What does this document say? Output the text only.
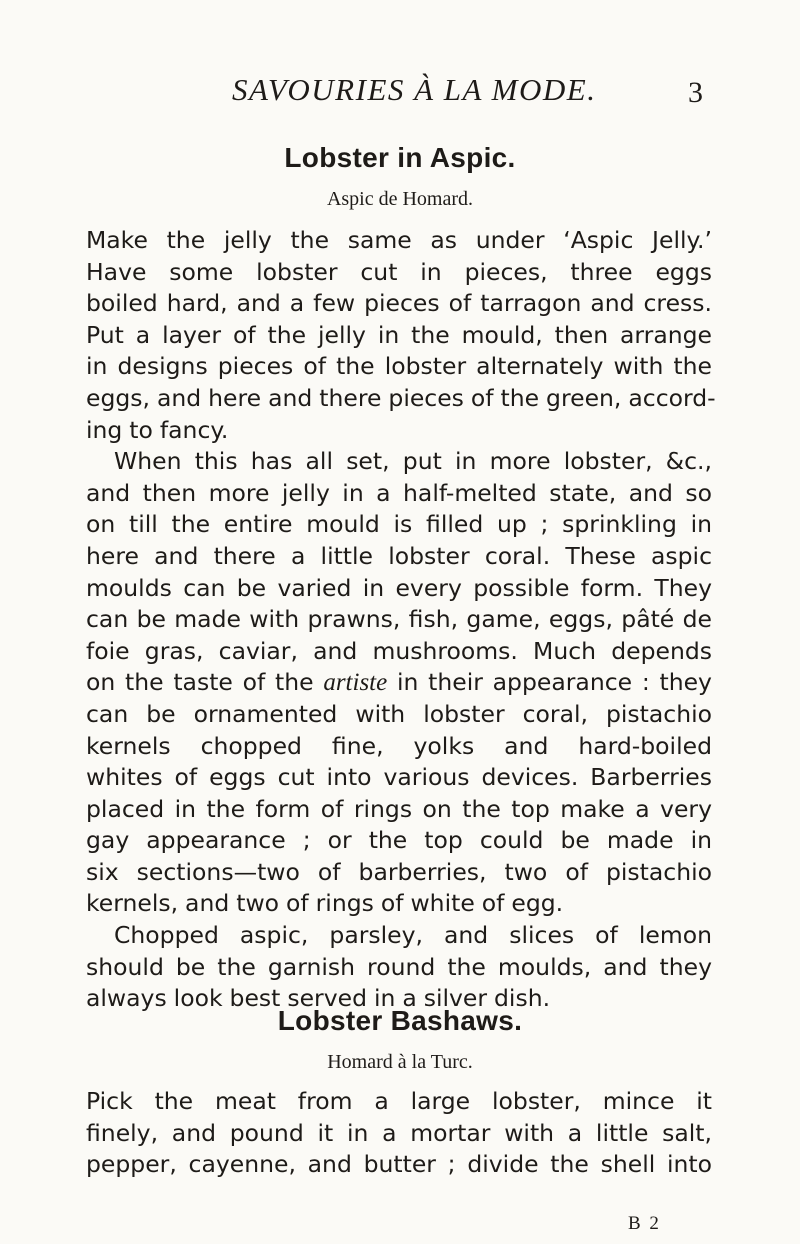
SAVOURIES À LA MODE.	3
Lobster in Aspic.
Aspic de Homard.
Make the jelly the same as under ‘Aspic Jelly.’
Have some lobster cut in pieces, three eggs
boiled hard, and a few pieces of tarragon and cress.
Put a layer of the jelly in the mould, then arrange
in designs pieces of the lobster alternately with the
eggs, and here and there pieces of the green, accord-
ing to fancy.
When this has all set, put in more lobster, &c.,
and then more jelly in a half-melted state, and so
on till the entire mould is filled up ; sprinkling in
here and there a little lobster coral. These aspic
moulds can be varied in every possible form. They
can be made with prawns, fish, game, eggs, pâté de
foie gras, caviar, and mushrooms. Much depends
on the taste of the artiste in their appearance : they
can be ornamented with lobster coral, pistachio
kernels chopped fine, yolks and hard-boiled
whites of eggs cut into various devices. Barberries
placed in the form of rings on the top make a very
gay appearance ; or the top could be made in
six sections—two of barberries, two of pistachio
kernels, and two of rings of white of egg.
Chopped aspic, parsley, and slices of lemon
should be the garnish round the moulds, and they
always look best served in a silver dish.
Lobster Bashaws.
Homard à la Turc.
Pick the meat from a large lobster, mince it
finely, and pound it in a mortar with a little salt,
pepper, cayenne, and butter ; divide the shell into
B 2
